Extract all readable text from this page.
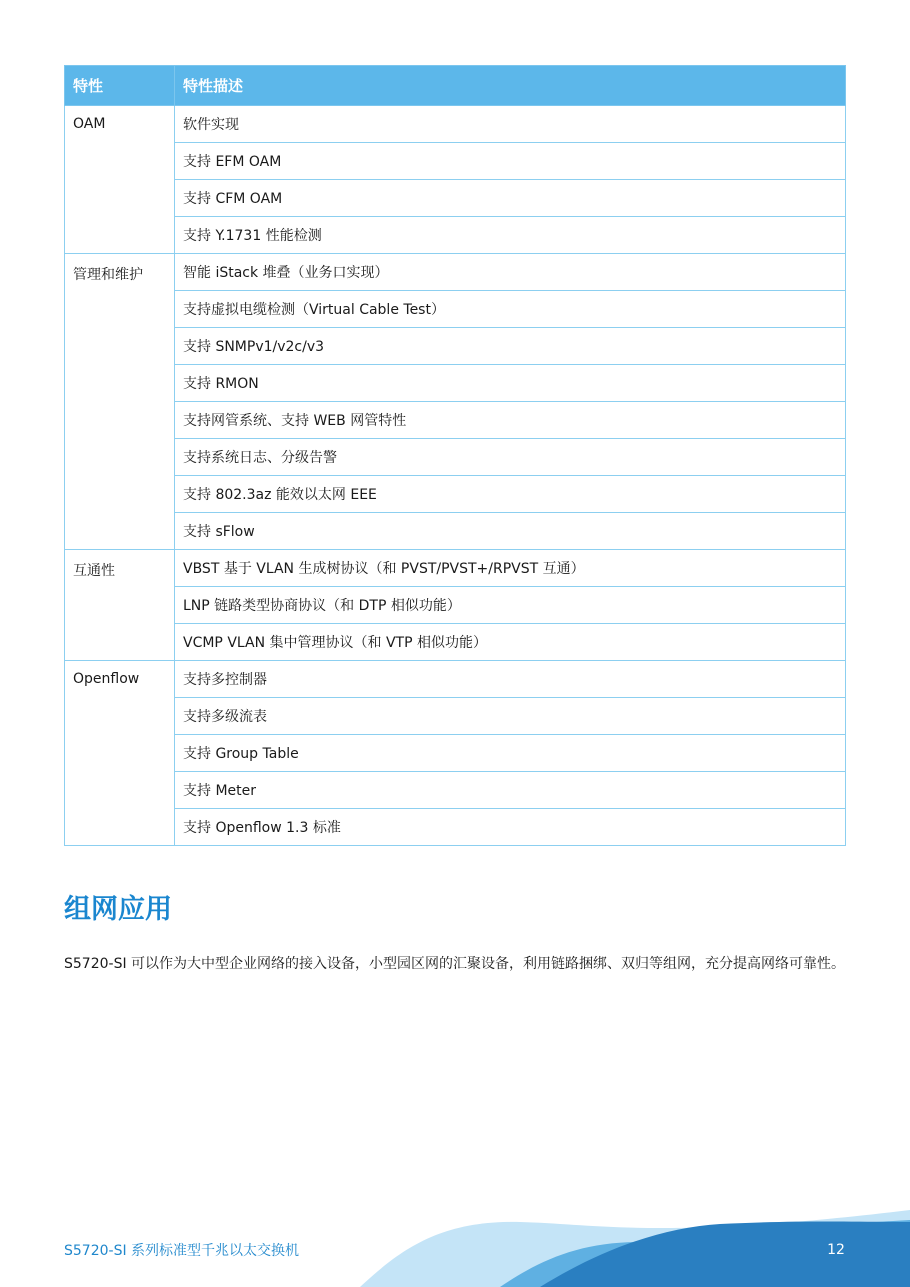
特性	特性描述
OAM	软件实现
	支持 EFM OAM
	支持 CFM OAM
	支持 Y.1731 性能检测
管理和维护	智能 iStack 堆叠（业务口实现）
	支持虚拟电缆检测（Virtual Cable Test）
	支持 SNMPv1/v2c/v3
	支持 RMON
	支持网管系统、支持 WEB 网管特性
	支持系统日志、分级告警
	支持 802.3az 能效以太网 EEE
	支持 sFlow
互通性	VBST 基于 VLAN 生成树协议（和 PVST/PVST+/RPVST 互通）
	LNP 链路类型协商协议（和 DTP 相似功能）
	VCMP VLAN 集中管理协议（和 VTP 相似功能）
Openflow	支持多控制器
	支持多级流表
	支持 Group Table
	支持 Meter
	支持 Openflow 1.3 标准
组网应用

S5720-SI 可以作为大中型企业网络的接入设备，小型园区网的汇聚设备，利用链路捆绑、双归等组网，充分提高网络可靠性。

S5720-SI 系列标准型千兆以太交换机	12
